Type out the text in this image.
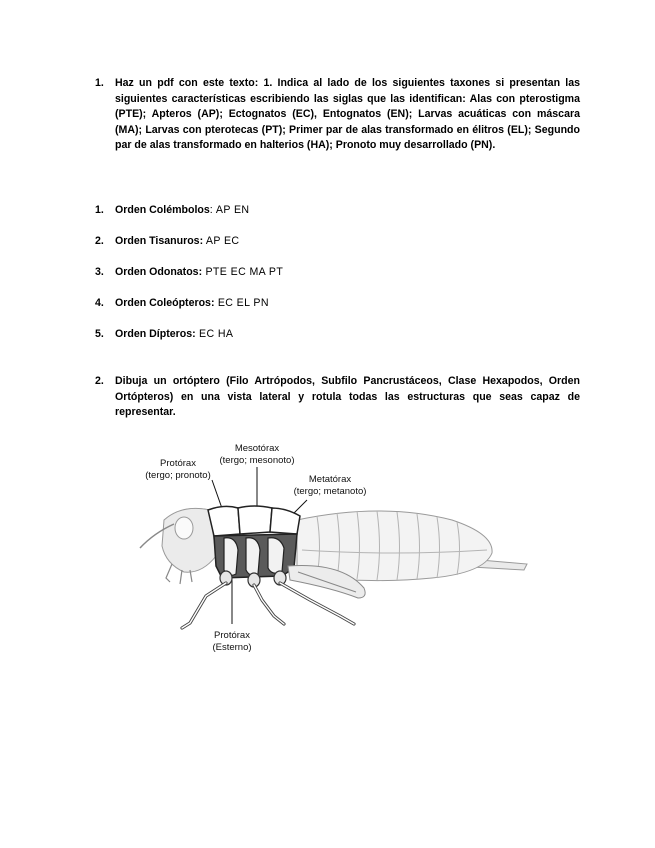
1. Haz un pdf con este texto: 1. Indica al lado de los siguientes taxones si presentan las siguientes características escribiendo las siglas que las identifican: Alas con pterostigma (PTE); Apteros (AP); Ectognatos (EC), Entognatos (EN); Larvas acuáticas con máscara (MA); Larvas con pterotecas (PT); Primer par de alas transformado en élitros (EL); Segundo par de alas transformado en halterios (HA); Pronoto muy desarrollado (PN).
1. Orden Colémbolos: AP EN
2. Orden Tisanuros: AP EC
3. Orden Odonatos: PTE EC MA PT
4. Orden Coleópteros: EC EL PN
5. Orden Dípteros: EC HA
2. Dibuja un ortóptero (Filo Artrópodos, Subfilo Pancrustáceos, Clase Hexapodos, Orden Ortópteros) en una vista lateral y rotula todas las estructuras que seas capaz de representar.
Mesotórax
(tergo; mesonoto)
Protórax
(tergo; pronoto)	Metatórax
(tergo; metanoto)
Protórax
(Esterno)
